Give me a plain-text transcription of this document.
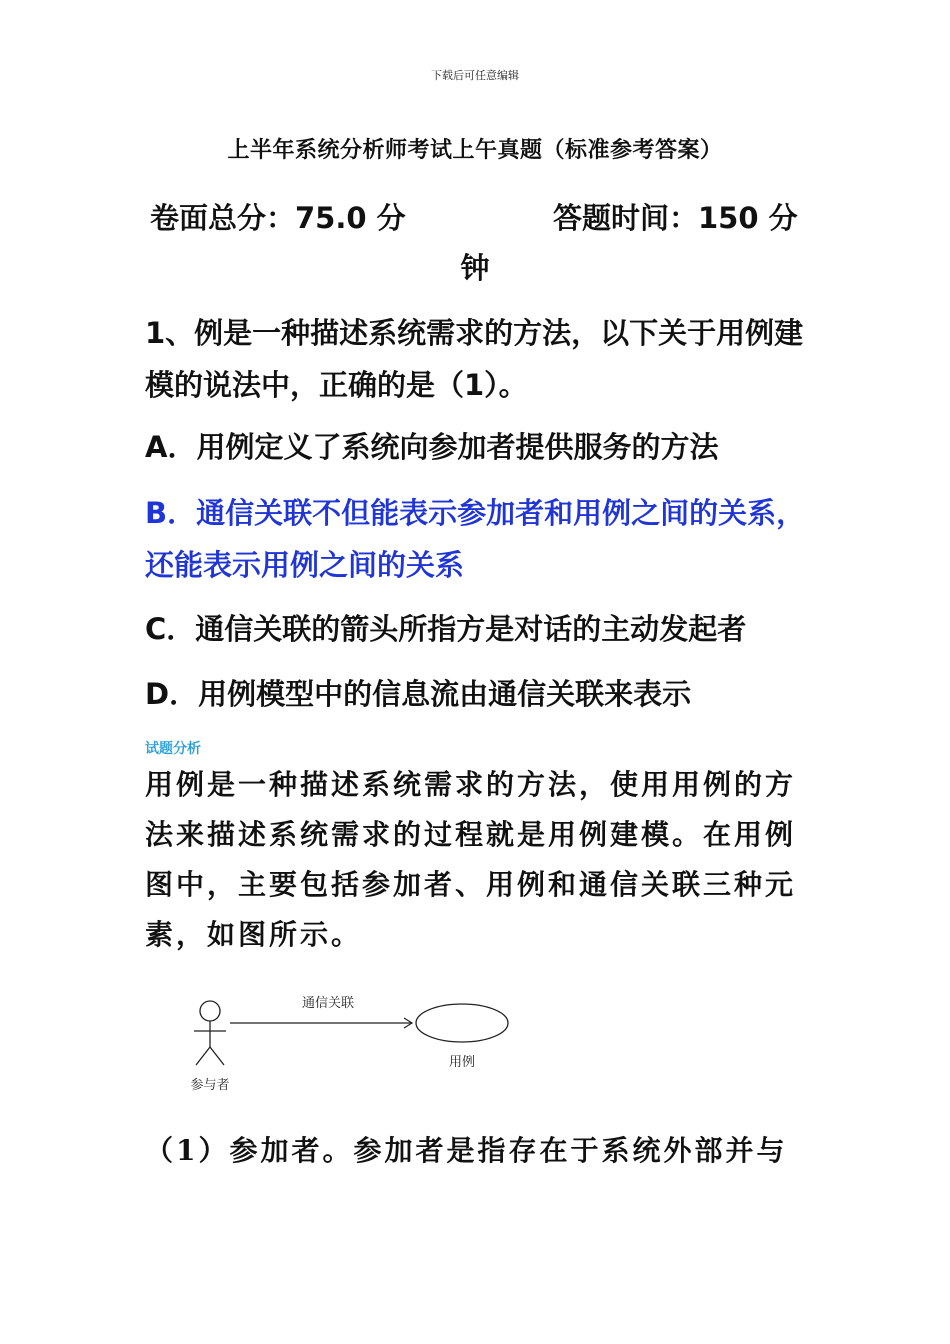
下载后可任意编辑
上半年系统分析师考试上午真题（标准参考答案）
卷面总分：75.0 分	答题时间：150 分
钟
1、例是一种描述系统需求的方法，以下关于用例建模的说法中，正确的是（1）。
A．用例定义了系统向参加者提供服务的方法
B．通信关联不但能表示参加者和用例之间的关系，还能表示用例之间的关系
C．通信关联的箭头所指方是对话的主动发起者
D．用例模型中的信息流由通信关联来表示
试题分析
用例是一种描述系统需求的方法，使用用例的方法来描述系统需求的过程就是用例建模。在用例图中，主要包括参加者、用例和通信关联三种元素，如图所示。
通信关联
用例
参与者
（1）参加者。参加者是指存在于系统外部并与
